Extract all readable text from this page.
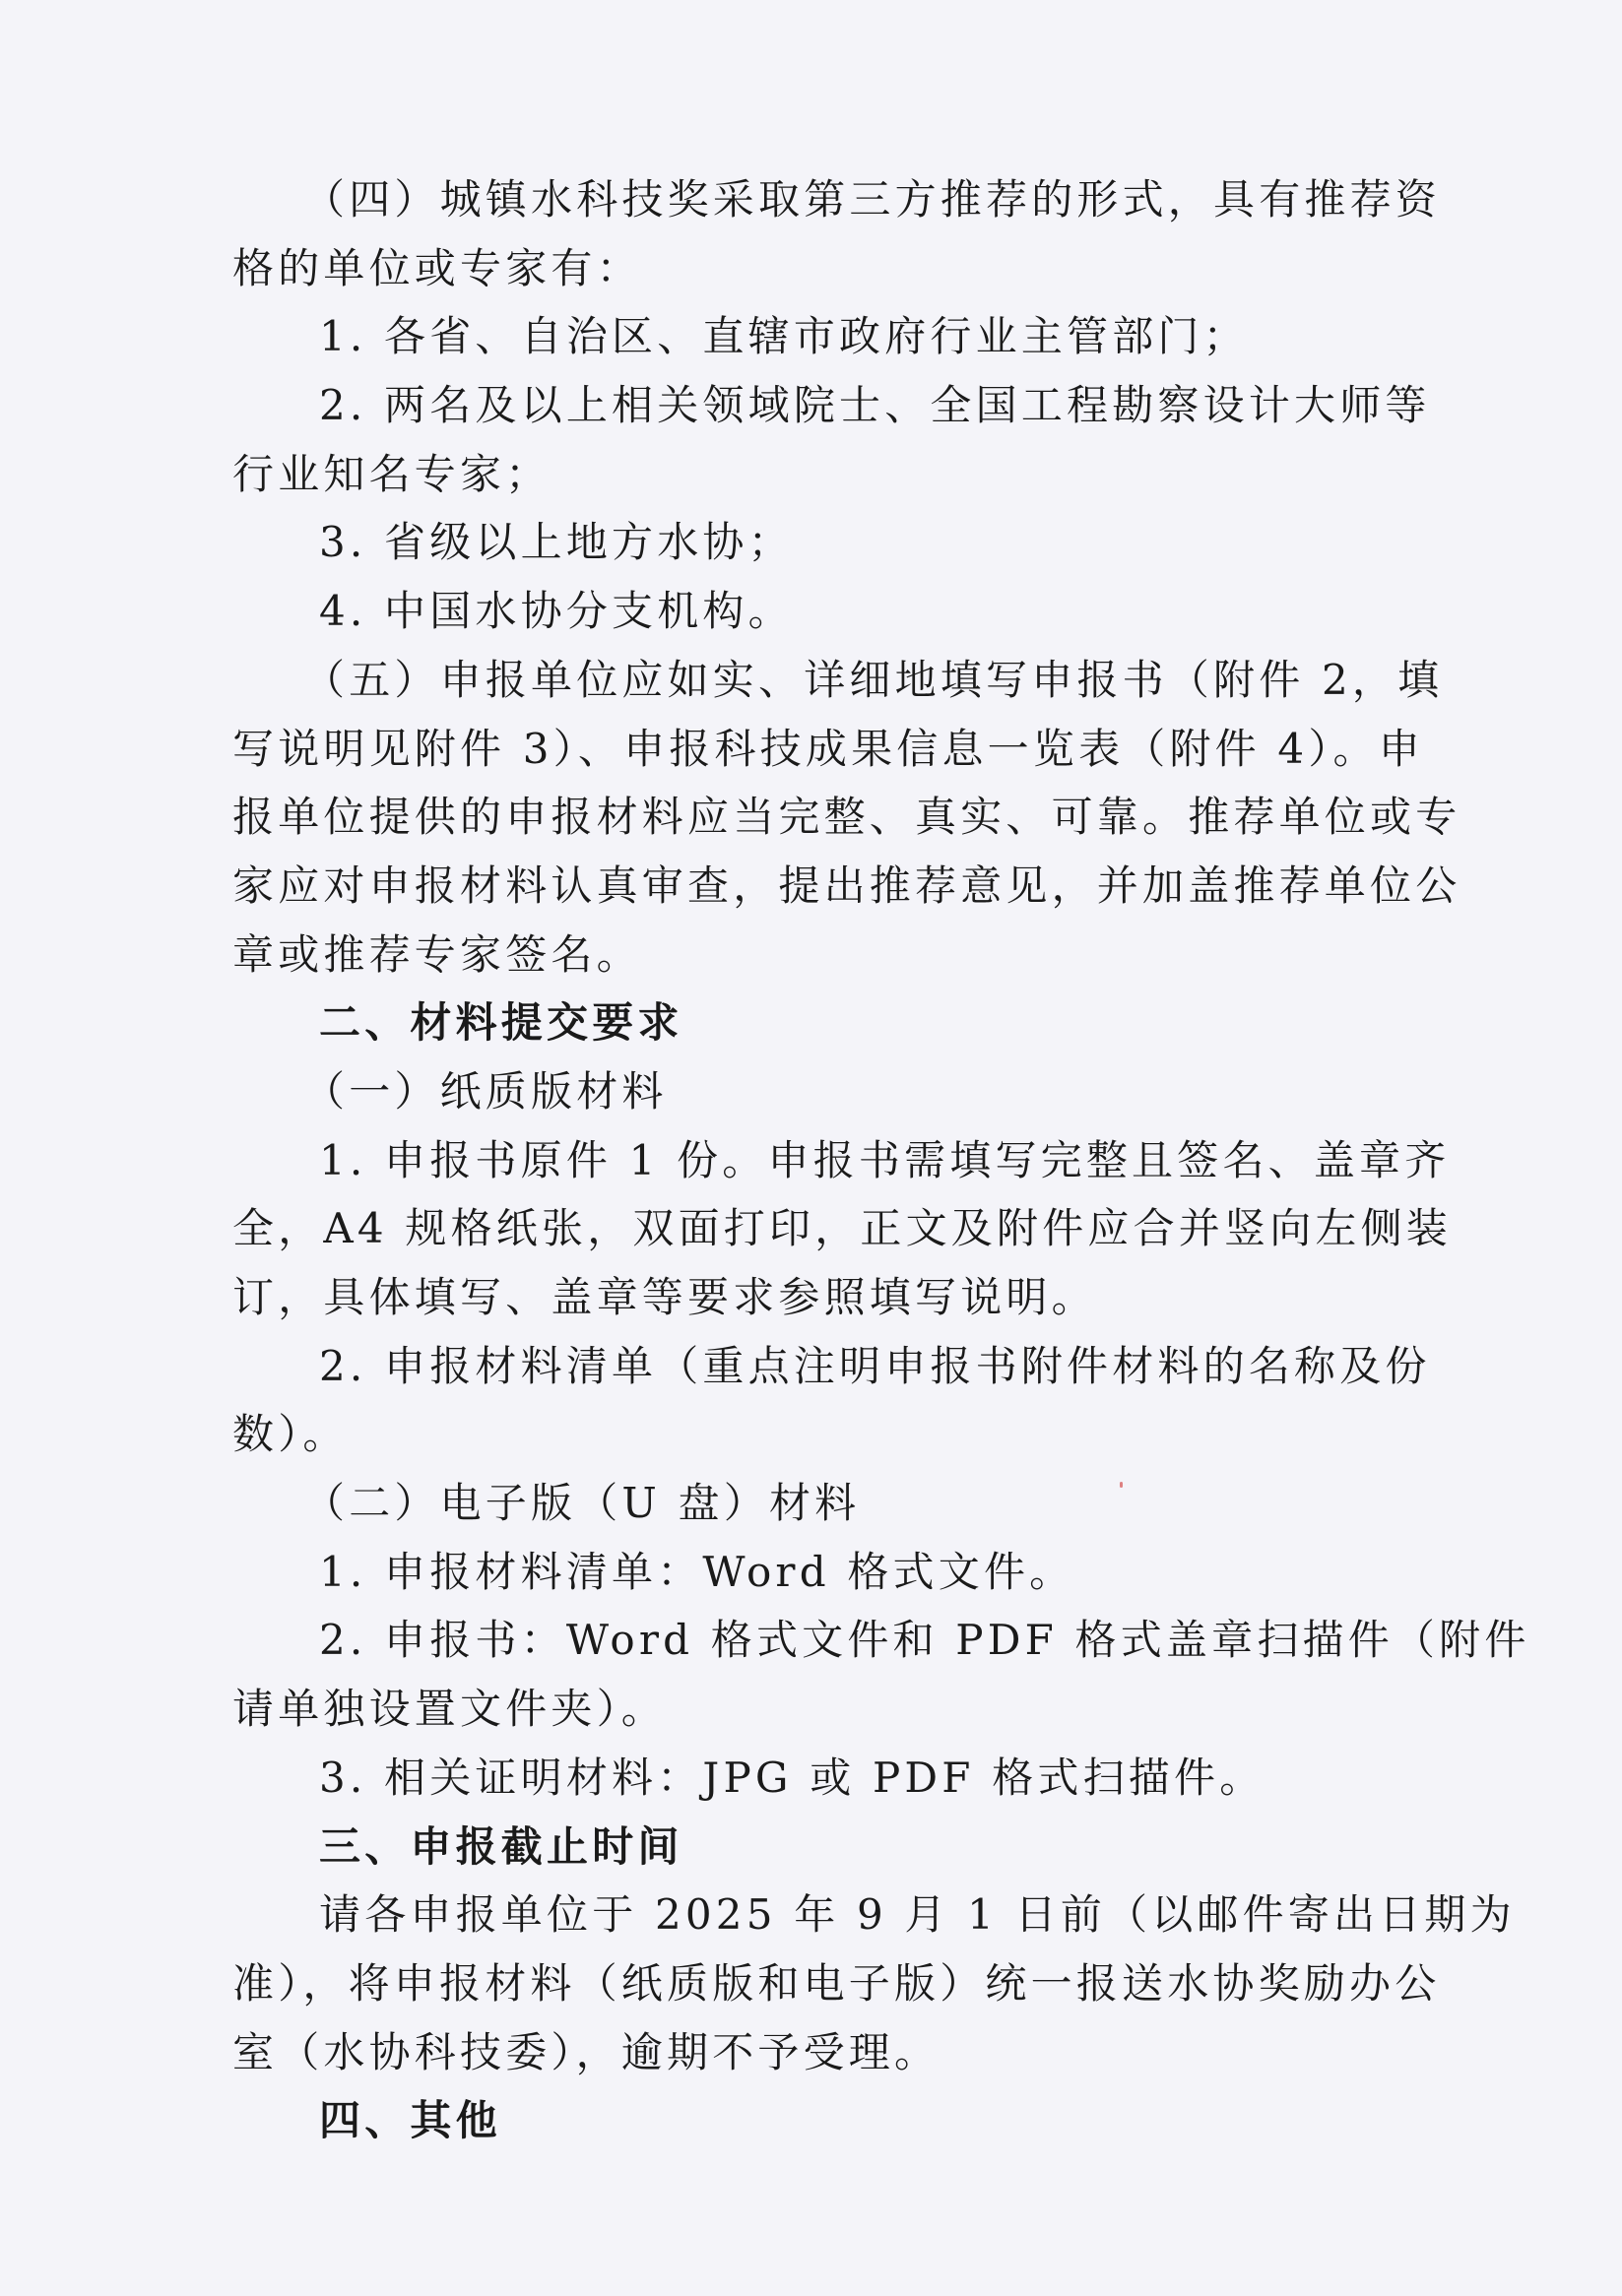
（四）城镇水科技奖采取第三方推荐的形式，具有推荐资
格的单位或专家有：
1. 各省、自治区、直辖市政府行业主管部门；
2. 两名及以上相关领域院士、全国工程勘察设计大师等
行业知名专家；
3. 省级以上地方水协；
4. 中国水协分支机构。
（五）申报单位应如实、详细地填写申报书（附件 2，填
写说明见附件 3）、申报科技成果信息一览表（附件 4）。申
报单位提供的申报材料应当完整、真实、可靠。推荐单位或专
家应对申报材料认真审查，提出推荐意见，并加盖推荐单位公
章或推荐专家签名。
二、材料提交要求
（一）纸质版材料
1. 申报书原件 1 份。申报书需填写完整且签名、盖章齐
全，A4 规格纸张，双面打印，正文及附件应合并竖向左侧装
订，具体填写、盖章等要求参照填写说明。
2. 申报材料清单（重点注明申报书附件材料的名称及份
数）。
（二）电子版（U 盘）材料
1. 申报材料清单：Word 格式文件。
2. 申报书：Word 格式文件和 PDF 格式盖章扫描件（附件
请单独设置文件夹）。
3. 相关证明材料：JPG 或 PDF 格式扫描件。
三、申报截止时间
请各申报单位于 2025 年 9 月 1 日前（以邮件寄出日期为
准），将申报材料（纸质版和电子版）统一报送水协奖励办公
室（水协科技委），逾期不予受理。
四、其他
